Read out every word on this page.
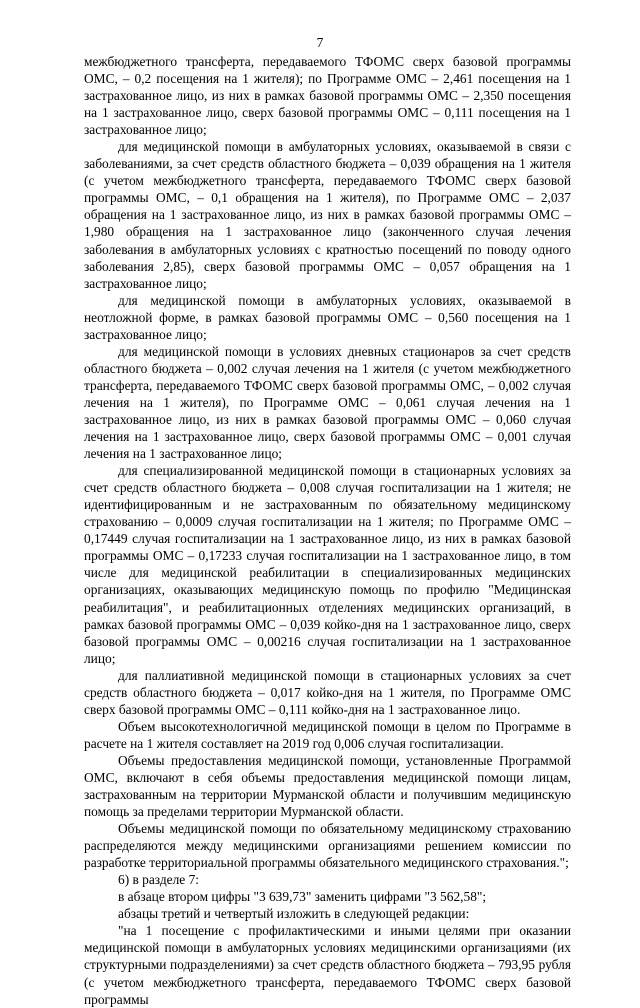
7

межбюджетного трансферта, передаваемого ТФОМС сверх базовой программы ОМС, – 0,2 посещения на 1 жителя); по Программе ОМС – 2,461 посещения на 1 застрахованное лицо, из них в рамках базовой программы ОМС – 2,350 посещения на 1 застрахованное лицо, сверх базовой программы ОМС – 0,111 посещения на 1 застрахованное лицо;

для медицинской помощи в амбулаторных условиях, оказываемой в связи с заболеваниями, за счет средств областного бюджета – 0,039 обращения на 1 жителя (с учетом межбюджетного трансферта, передаваемого ТФОМС сверх базовой программы ОМС, – 0,1 обращения на 1 жителя), по Программе ОМС – 2,037 обращения на 1 застрахованное лицо, из них в рамках базовой программы ОМС – 1,980 обращения на 1 застрахованное лицо (законченного случая лечения заболевания в амбулаторных условиях с кратностью посещений по поводу одного заболевания 2,85), сверх базовой программы ОМС – 0,057 обращения на 1 застрахованное лицо;

для медицинской помощи в амбулаторных условиях, оказываемой в неотложной форме, в рамках базовой программы ОМС – 0,560 посещения на 1 застрахованное лицо;

для медицинской помощи в условиях дневных стационаров за счет средств областного бюджета – 0,002 случая лечения на 1 жителя (с учетом межбюджетного трансферта, передаваемого ТФОМС сверх базовой программы ОМС, – 0,002 случая лечения на 1 жителя), по Программе ОМС – 0,061 случая лечения на 1 застрахованное лицо, из них в рамках базовой программы ОМС – 0,060 случая лечения на 1 застрахованное лицо, сверх базовой программы ОМС – 0,001 случая лечения на 1 застрахованное лицо;

для специализированной медицинской помощи в стационарных условиях за счет средств областного бюджета – 0,008 случая госпитализации на 1 жителя; не идентифицированным и не застрахованным по обязательному медицинскому страхованию – 0,0009 случая госпитализации на 1 жителя; по Программе ОМС – 0,17449 случая госпитализации на 1 застрахованное лицо, из них в рамках базовой программы ОМС – 0,17233 случая госпитализации на 1 застрахованное лицо, в том числе для медицинской реабилитации в специализированных медицинских организациях, оказывающих медицинскую помощь по профилю "Медицинская реабилитация", и реабилитационных отделениях медицинских организаций, в рамках базовой программы ОМС – 0,039 койко-дня на 1 застрахованное лицо, сверх базовой программы ОМС – 0,00216 случая госпитализации на 1 застрахованное лицо;

для паллиативной медицинской помощи в стационарных условиях за счет средств областного бюджета – 0,017 койко-дня на 1 жителя, по Программе ОМС сверх базовой программы ОМС – 0,111 койко-дня на 1 застрахованное лицо.

Объем высокотехнологичной медицинской помощи в целом по Программе в расчете на 1 жителя составляет на 2019 год 0,006 случая госпитализации.

Объемы предоставления медицинской помощи, установленные Программой ОМС, включают в себя объемы предоставления медицинской помощи лицам, застрахованным на территории Мурманской области и получившим медицинскую помощь за пределами территории Мурманской области.

Объемы медицинской помощи по обязательному медицинскому страхованию распределяются между медицинскими организациями решением комиссии по разработке территориальной программы обязательного медицинского страхования.";

6) в разделе 7:

в абзаце втором цифры "3 639,73" заменить цифрами "3 562,58";

абзацы третий и четвертый изложить в следующей редакции:

"на 1 посещение с профилактическими и иными целями при оказании медицинской помощи в амбулаторных условиях медицинскими организациями (их структурными подразделениями) за счет средств областного бюджета – 793,95 рубля (с учетом межбюджетного трансферта, передаваемого ТФОМС сверх базовой программы
